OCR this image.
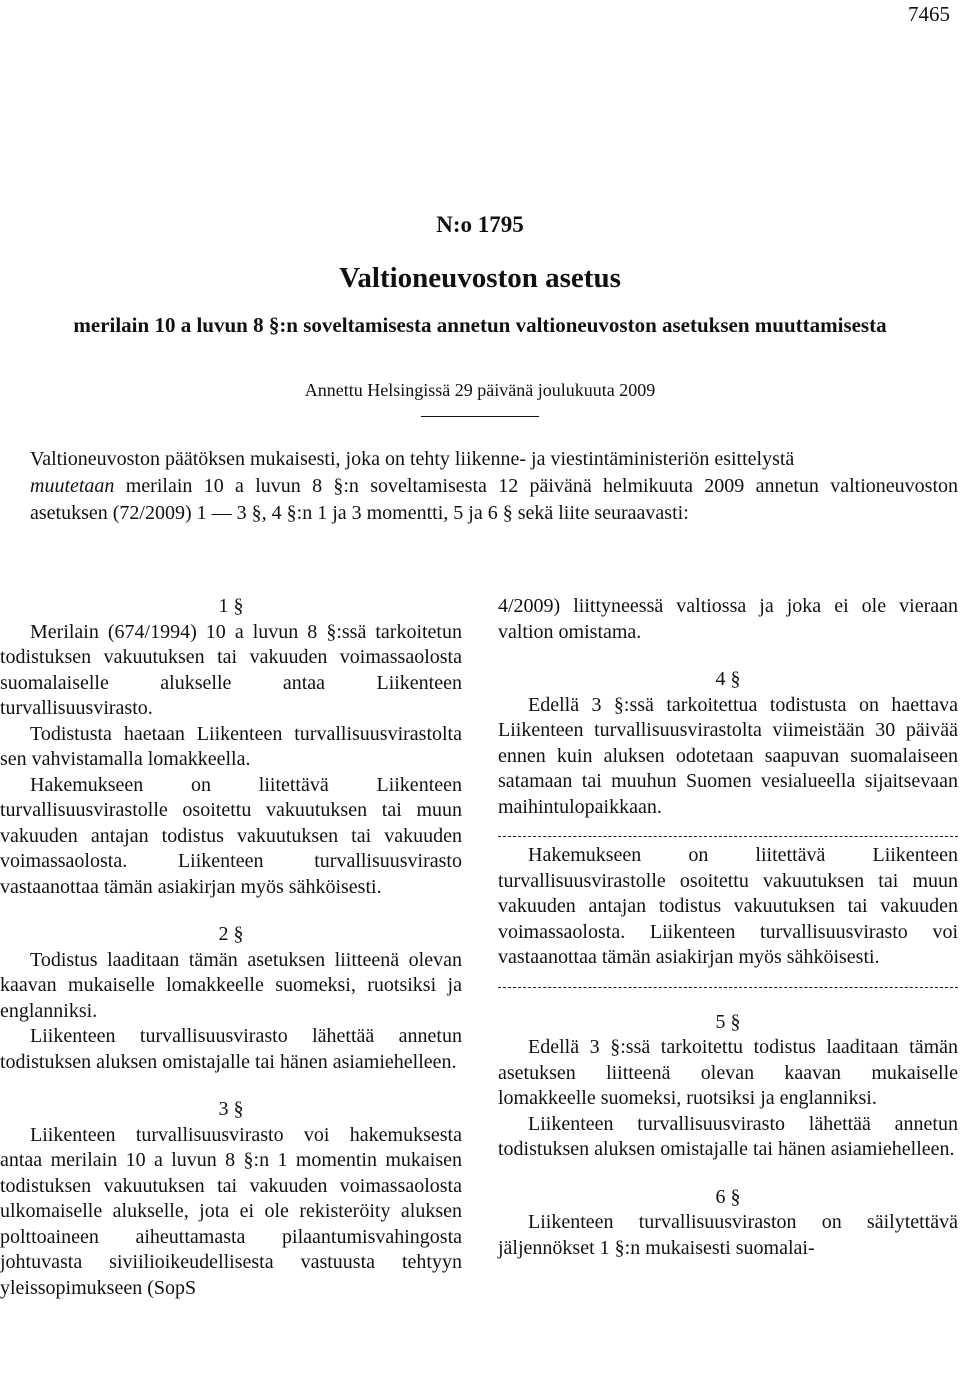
7465
N:o 1795
Valtioneuvoston asetus
merilain 10 a luvun 8 §:n soveltamisesta annetun valtioneuvoston asetuksen muuttamisesta
Annettu Helsingissä 29 päivänä joulukuuta 2009

Valtioneuvoston päätöksen mukaisesti, joka on tehty liikenne- ja viestintäministeriön esittelystä

muutetaan merilain 10 a luvun 8 §:n soveltamisesta 12 päivänä helmikuuta 2009 annetun valtioneuvoston asetuksen (72/2009) 1 — 3 §, 4 §:n 1 ja 3 momentti, 5 ja 6 § sekä liite seuraavasti:

1 §

Merilain (674/1994) 10 a luvun 8 §:ssä tarkoitetun todistuksen vakuutuksen tai vakuuden voimassaolosta suomalaiselle alukselle antaa Liikenteen turvallisuusvirasto.

Todistusta haetaan Liikenteen turvallisuusvirastolta sen vahvistamalla lomakkeella.

Hakemukseen on liitettävä Liikenteen turvallisuusvirastolle osoitettu vakuutuksen tai muun vakuuden antajan todistus vakuutuksen tai vakuuden voimassaolosta. Liikenteen turvallisuusvirasto vastaanottaa tämän asiakirjan myös sähköisesti.

2 §

Todistus laaditaan tämän asetuksen liitteenä olevan kaavan mukaiselle lomakkeelle suomeksi, ruotsiksi ja englanniksi.

Liikenteen turvallisuusvirasto lähettää annetun todistuksen aluksen omistajalle tai hänen asiamiehelleen.

3 §

Liikenteen turvallisuusvirasto voi hakemuksesta antaa merilain 10 a luvun 8 §:n 1 momentin mukaisen todistuksen vakuutuksen tai vakuuden voimassaolosta ulkomaiselle alukselle, jota ei ole rekisteröity aluksen polttoaineen aiheuttamasta pilaantumisvahingosta johtuvasta siviilioikeudellisesta vastuusta tehtyyn yleissopimukseen (SopS

4/2009) liittyneessä valtiossa ja joka ei ole vieraan valtion omistama.

4 §

Edellä 3 §:ssä tarkoitettua todistusta on haettava Liikenteen turvallisuusvirastolta viimeistään 30 päivää ennen kuin aluksen odotetaan saapuvan suomalaiseen satamaan tai muuhun Suomen vesialueella sijaitsevaan maihintulopaikkaan.

Hakemukseen on liitettävä Liikenteen turvallisuusvirastolle osoitettu vakuutuksen tai muun vakuuden antajan todistus vakuutuksen tai vakuuden voimassaolosta. Liikenteen turvallisuusvirasto voi vastaanottaa tämän asiakirjan myös sähköisesti.

5 §

Edellä 3 §:ssä tarkoitettu todistus laaditaan tämän asetuksen liitteenä olevan kaavan mukaiselle lomakkeelle suomeksi, ruotsiksi ja englanniksi.

Liikenteen turvallisuusvirasto lähettää annetun todistuksen aluksen omistajalle tai hänen asiamiehelleen.

6 §

Liikenteen turvallisuusviraston on säilytettävä jäljennökset 1 §:n mukaisesti suomalai-
